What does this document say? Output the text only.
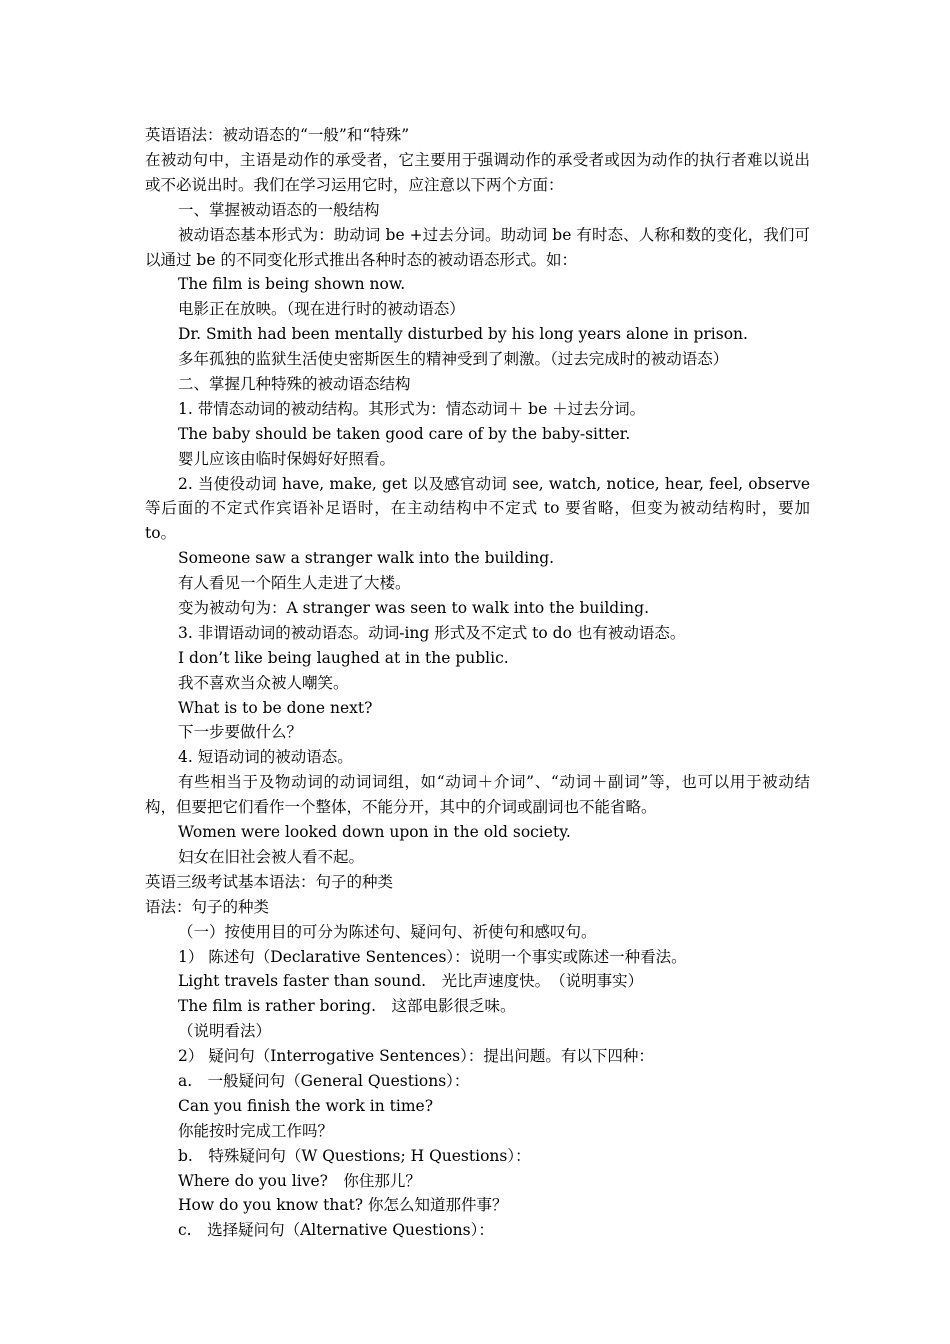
英语语法：被动语态的“一般”和“特殊”
在被动句中，主语是动作的承受者，它主要用于强调动作的承受者或因为动作的执行者难以说出或不必说出时。我们在学习运用它时，应注意以下两个方面：
一、掌握被动语态的一般结构
被动语态基本形式为：助动词 be +过去分词。助动词 be 有时态、人称和数的变化，我们可以通过 be 的不同变化形式推出各种时态的被动语态形式。如：
The film is being shown now.
电影正在放映。（现在进行时的被动语态）
Dr. Smith had been mentally disturbed by his long years alone in prison.
多年孤独的监狱生活使史密斯医生的精神受到了刺激。（过去完成时的被动语态）
二、掌握几种特殊的被动语态结构
1. 带情态动词的被动结构。其形式为：情态动词＋ be ＋过去分词。
The baby should be taken good care of by the baby-sitter.
婴儿应该由临时保姆好好照看。
2. 当使役动词 have, make, get 以及感官动词 see, watch, notice, hear, feel, observe 等后面的不定式作宾语补足语时，在主动结构中不定式 to 要省略，但变为被动结构时，要加 to。
Someone saw a stranger walk into the building.
有人看见一个陌生人走进了大楼。
变为被动句为：A stranger was seen to walk into the building.
3. 非谓语动词的被动语态。动词-ing 形式及不定式 to do 也有被动语态。
I don’t like being laughed at in the public.
我不喜欢当众被人嘲笑。
What is to be done next?
下一步要做什么？
4. 短语动词的被动语态。
有些相当于及物动词的动词词组，如“动词＋介词”、“动词＋副词”等，也可以用于被动结构，但要把它们看作一个整体，不能分开，其中的介词或副词也不能省略。
Women were looked down upon in the old society.
妇女在旧社会被人看不起。
英语三级考试基本语法：句子的种类
语法：句子的种类
（一）按使用目的可分为陈述句、疑问句、祈使句和感叹句。
1） 陈述句（Declarative Sentences）：说明一个事实或陈述一种看法。
Light travels faster than sound.　光比声速度快。　（说明事实）
The film is rather boring.　这部电影很乏味。
（说明看法）
2） 疑问句（Interrogative Sentences）：提出问题。有以下四种：
a.　一般疑问句（General Questions）：
Can you finish the work in time?
你能按时完成工作吗？
b.　特殊疑问句（W Questions; H Questions）：
Where do you live?　你住那儿？
How do you know that? 你怎么知道那件事？
c.　选择疑问句（Alternative Questions）：
